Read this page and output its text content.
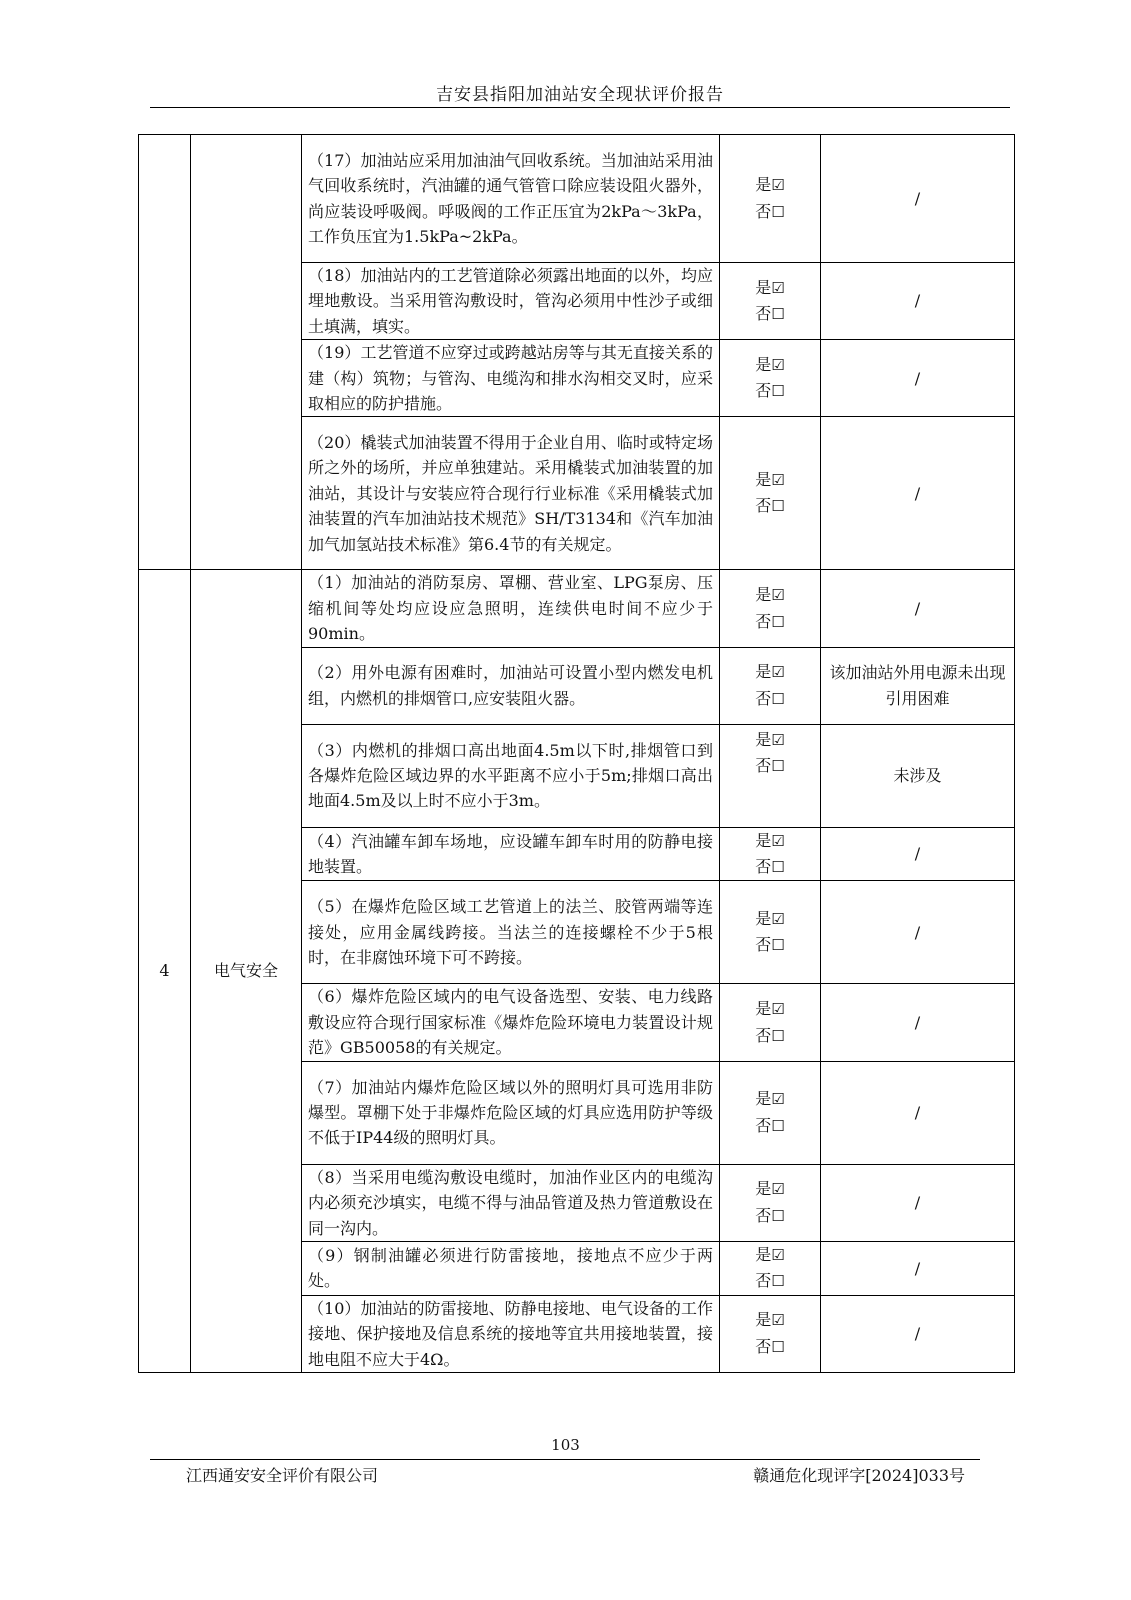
吉安县指阳加油站安全现状评价报告
		（17）加油站应采用加油油气回收系统。当加油站采用油气回收系统时，汽油罐的通气管管口除应装设阻火器外，尚应装设呼吸阀。呼吸阀的工作正压宜为2kPa～3kPa，工作负压宜为1.5kPa~2kPa。	是☑
否☐	/
		（18）加油站内的工艺管道除必须露出地面的以外，均应埋地敷设。当采用管沟敷设时，管沟必须用中性沙子或细土填满，填实。	是☑
否☐	/
		（19）工艺管道不应穿过或跨越站房等与其无直接关系的建（构）筑物；与管沟、电缆沟和排水沟相交叉时，应采取相应的防护措施。	是☑
否☐	/
		（20）橇装式加油装置不得用于企业自用、临时或特定场所之外的场所，并应单独建站。采用橇装式加油装置的加油站，其设计与安装应符合现行行业标准《采用橇装式加油装置的汽车加油站技术规范》SH/T3134和《汽车加油加气加氢站技术标准》第6.4节的有关规定。	是☑
否☐	/
4	电气安全	（1）加油站的消防泵房、罩棚、营业室、LPG泵房、压缩机间等处均应设应急照明，连续供电时间不应少于90min。	是☑
否☐	/
		（2）用外电源有困难时，加油站可设置小型内燃发电机组，内燃机的排烟管口,应安装阻火器。	是☑
否☐	该加油站外用电源未出现引用困难
		（3）内燃机的排烟口高出地面4.5m以下时,排烟管口到各爆炸危险区域边界的水平距离不应小于5m;排烟口高出地面4.5m及以上时不应小于3m。	是☑
否☐	未涉及
		（4）汽油罐车卸车场地，应设罐车卸车时用的防静电接地装置。	是☑
否☐	/
		（5）在爆炸危险区域工艺管道上的法兰、胶管两端等连接处，应用金属线跨接。当法兰的连接螺栓不少于5根时，在非腐蚀环境下可不跨接。	是☑
否☐	/
		（6）爆炸危险区域内的电气设备选型、安装、电力线路敷设应符合现行国家标准《爆炸危险环境电力装置设计规范》GB50058的有关规定。	是☑
否☐	/
		（7）加油站内爆炸危险区域以外的照明灯具可选用非防爆型。罩棚下处于非爆炸危险区域的灯具应选用防护等级不低于IP44级的照明灯具。	是☑
否☐	/
		（8）当采用电缆沟敷设电缆时，加油作业区内的电缆沟内必须充沙填实，电缆不得与油品管道及热力管道敷设在同一沟内。	是☑
否☐	/
		（9）钢制油罐必须进行防雷接地，接地点不应少于两处。	是☑
否☐	/
		（10）加油站的防雷接地、防静电接地、电气设备的工作接地、保护接地及信息系统的接地等宜共用接地装置，接地电阻不应大于4Ω。	是☑
否☐	/
103
江西通安安全评价有限公司	赣通危化现评字[2024]033号
